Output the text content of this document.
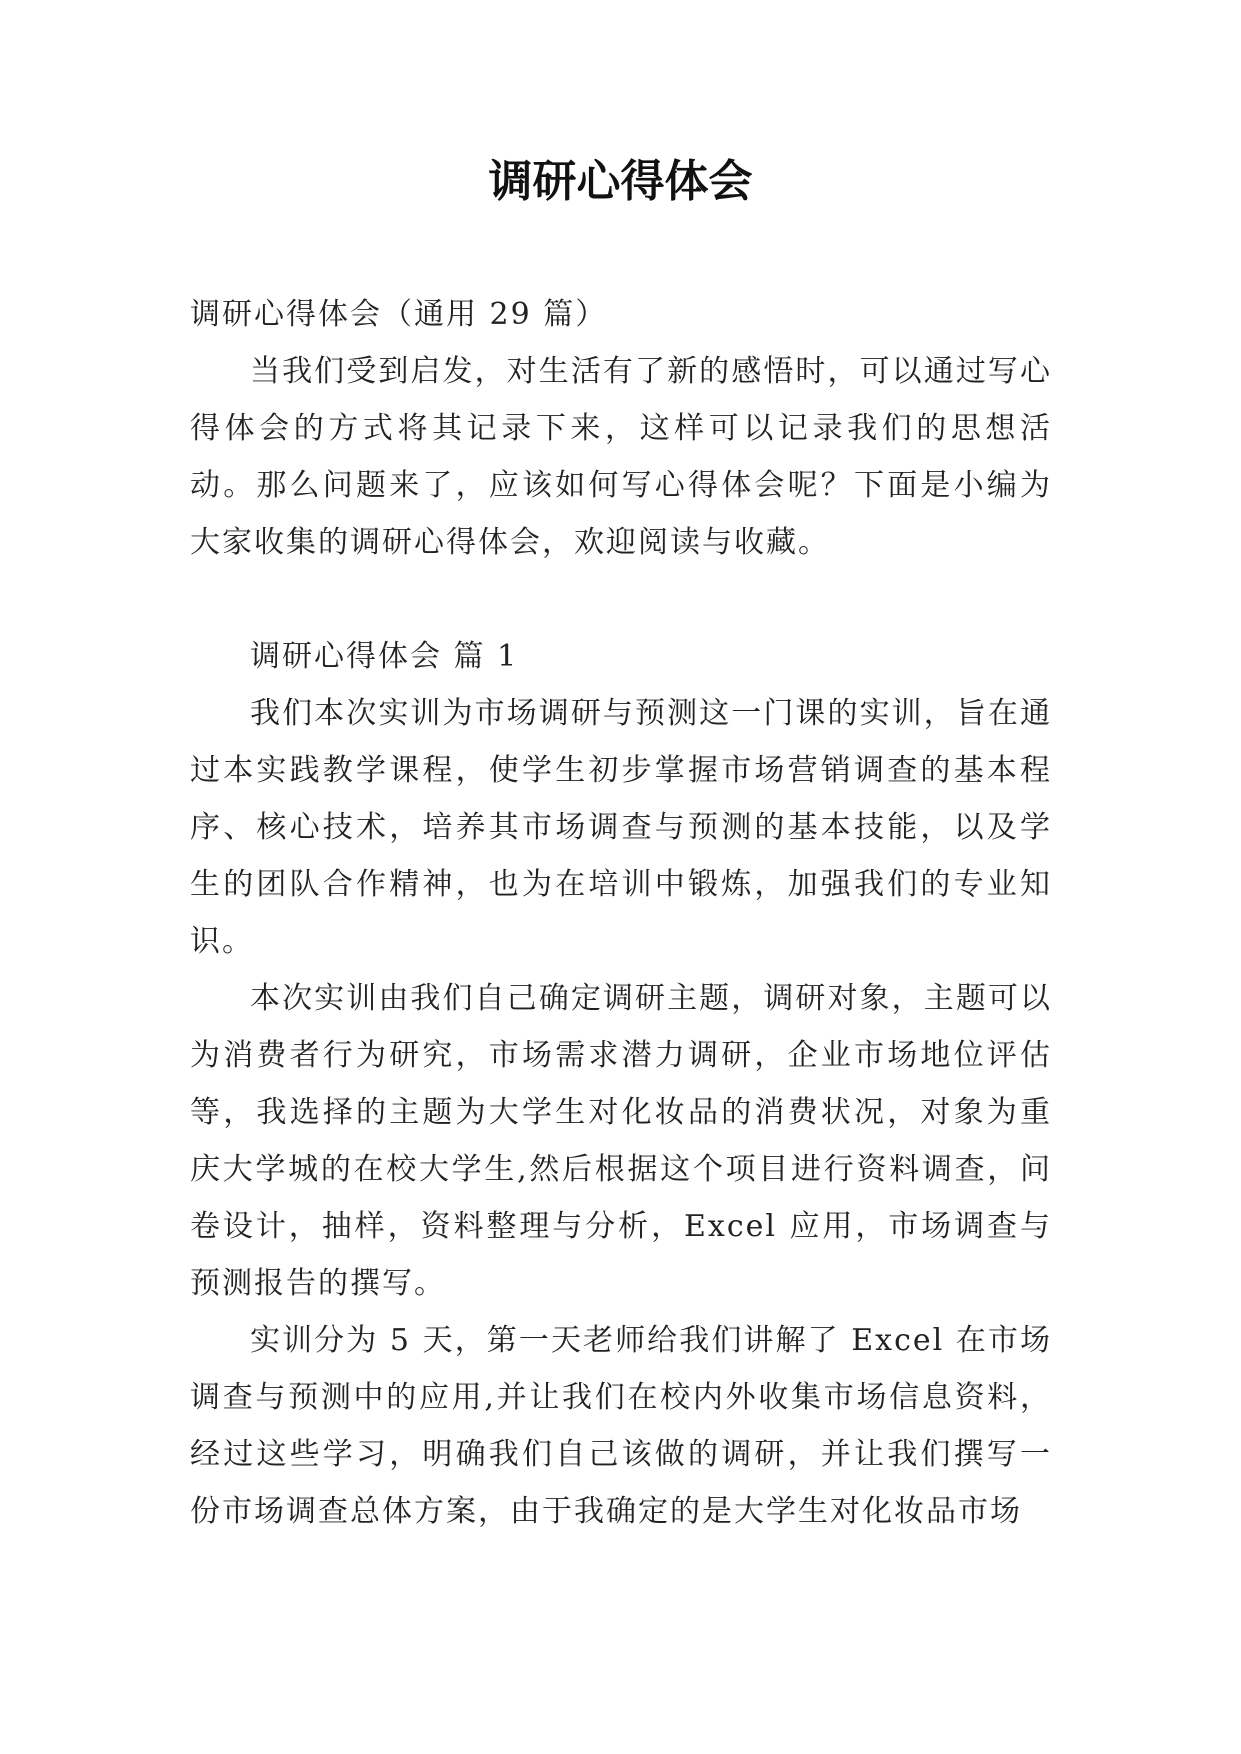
调研心得体会

调研心得体会（通用 29 篇）

当我们受到启发，对生活有了新的感悟时，可以通过写心得体会的方式将其记录下来，这样可以记录我们的思想活动。那么问题来了，应该如何写心得体会呢？下面是小编为大家收集的调研心得体会，欢迎阅读与收藏。

调研心得体会 篇 1

我们本次实训为市场调研与预测这一门课的实训，旨在通过本实践教学课程，使学生初步掌握市场营销调查的基本程序、核心技术，培养其市场调查与预测的基本技能，以及学生的团队合作精神，也为在培训中锻炼，加强我们的专业知识。

本次实训由我们自己确定调研主题，调研对象，主题可以为消费者行为研究，市场需求潜力调研，企业市场地位评估等，我选择的主题为大学生对化妆品的消费状况，对象为重庆大学城的在校大学生,然后根据这个项目进行资料调查，问卷设计，抽样，资料整理与分析，Excel 应用，市场调查与预测报告的撰写。

实训分为 5 天，第一天老师给我们讲解了 Excel 在市场调查与预测中的应用,并让我们在校内外收集市场信息资料，经过这些学习，明确我们自己该做的调研，并让我们撰写一份市场调查总体方案，由于我确定的是大学生对化妆品市场
